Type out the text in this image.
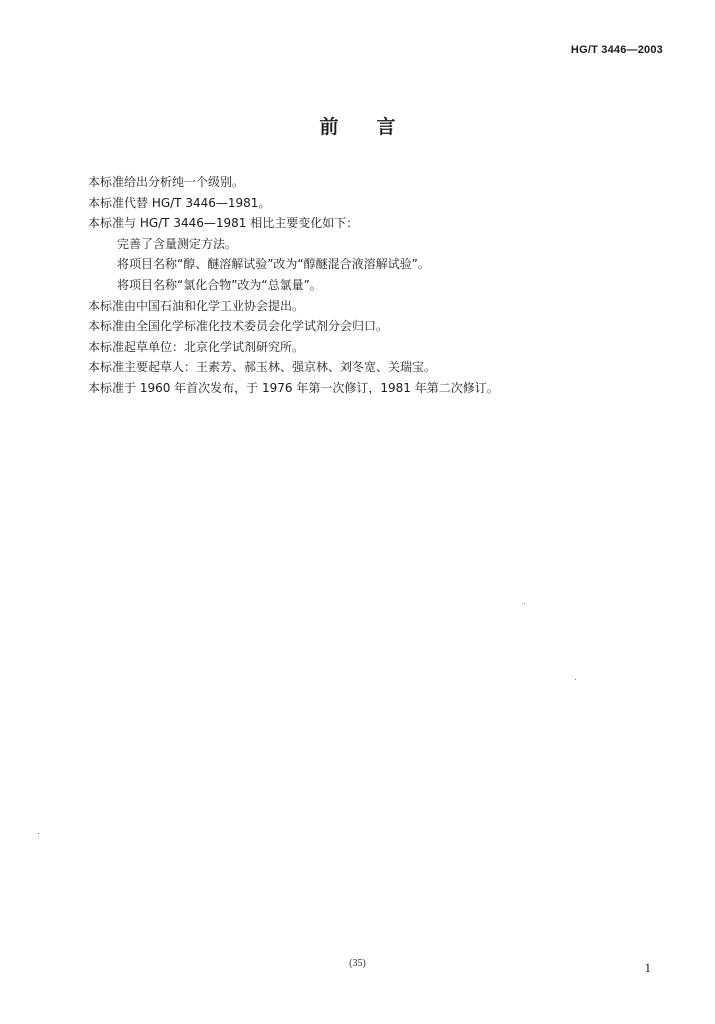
HG/T 3446—2003
前言
本标准给出分析纯一个级别。
本标准代替 HG/T 3446—1981。
本标准与 HG/T 3446—1981 相比主要变化如下：
完善了含量测定方法。
将项目名称“醇、醚溶解试验”改为“醇醚混合液溶解试验”。
将项目名称“氯化合物”改为“总氯量”。
本标准由中国石油和化学工业协会提出。
本标准由全国化学标准化技术委员会化学试剂分会归口。
本标准起草单位：北京化学试剂研究所。
本标准主要起草人：王素芳、郝玉林、强京林、刘冬宽、关瑞宝。
本标准于 1960 年首次发布，于 1976 年第一次修订，1981 年第二次修订。
(35)	1
